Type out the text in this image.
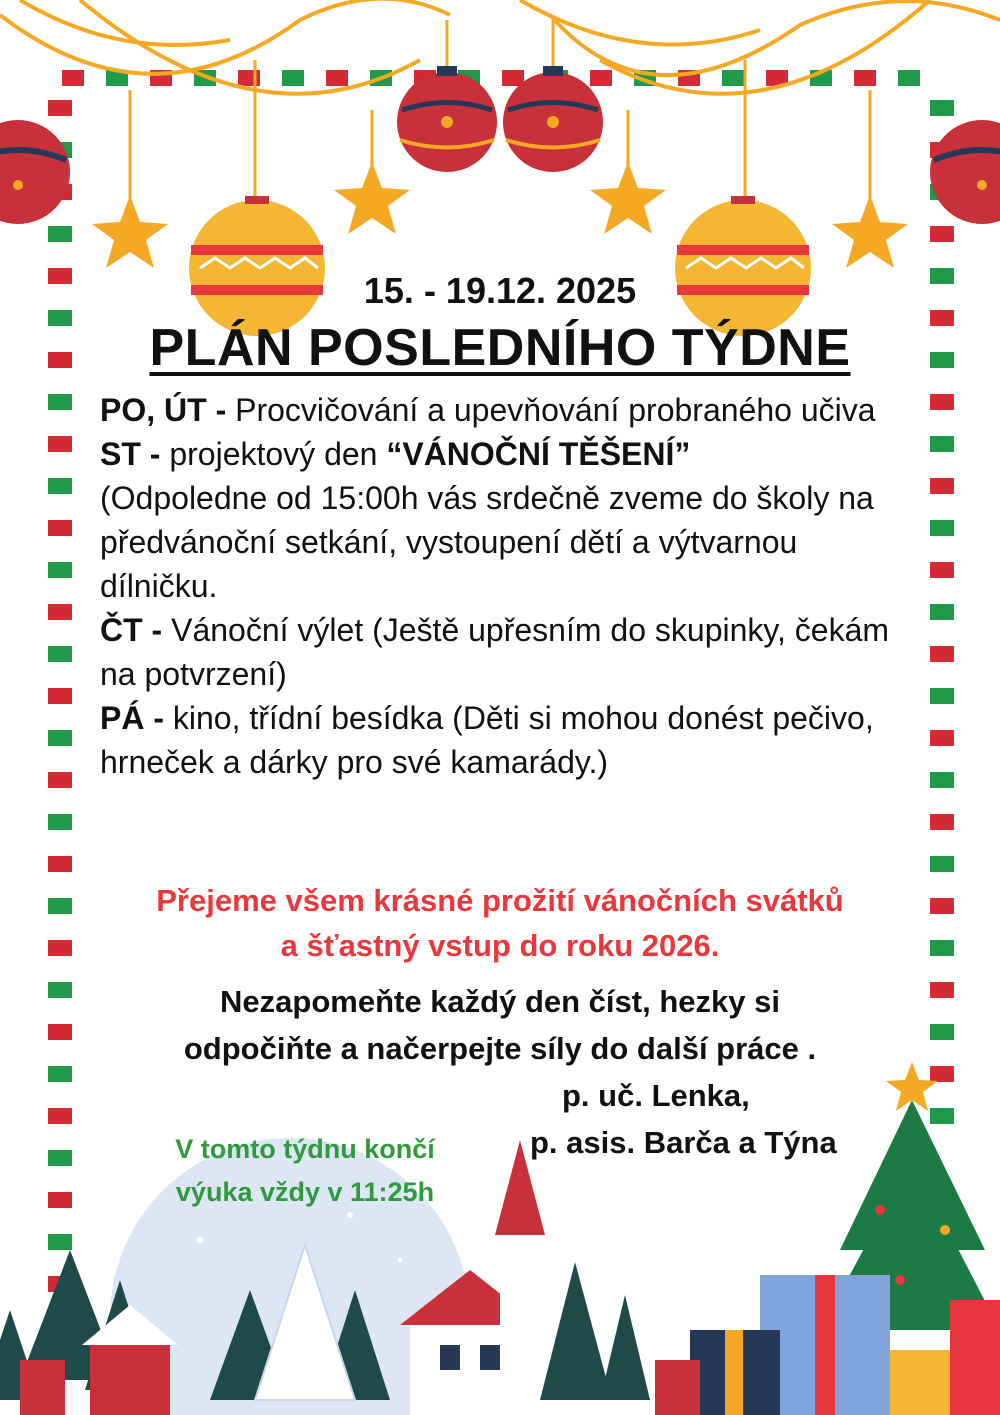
15. - 19.12. 2025
PLÁN POSLEDNÍHO TÝDNE

PO, ÚT - Procvičování a upevňování probraného učiva

ST - projektový den “VÁNOČNÍ TĚŠENÍ”
(Odpoledne od 15:00h vás srdečně zveme do školy na předvánoční setkání, vystoupení dětí a výtvarnou dílničku.

ČT - Vánoční výlet (Ještě upřesním do skupinky, čekám na potvrzení)

PÁ - kino, třídní besídka (Děti si mohou donést pečivo, hrneček a dárky pro své kamarády.)

Přejeme všem krásné prožití vánočních svátků
a šťastný vstup do roku 2026.
Nezapomeňte každý den číst, hezky si
odpočiňte a načerpejte síly do další práce .
p. uč. Lenka,
p. asis. Barča a Týna
V tomto týdnu končí
výuka vždy v 11:25h
